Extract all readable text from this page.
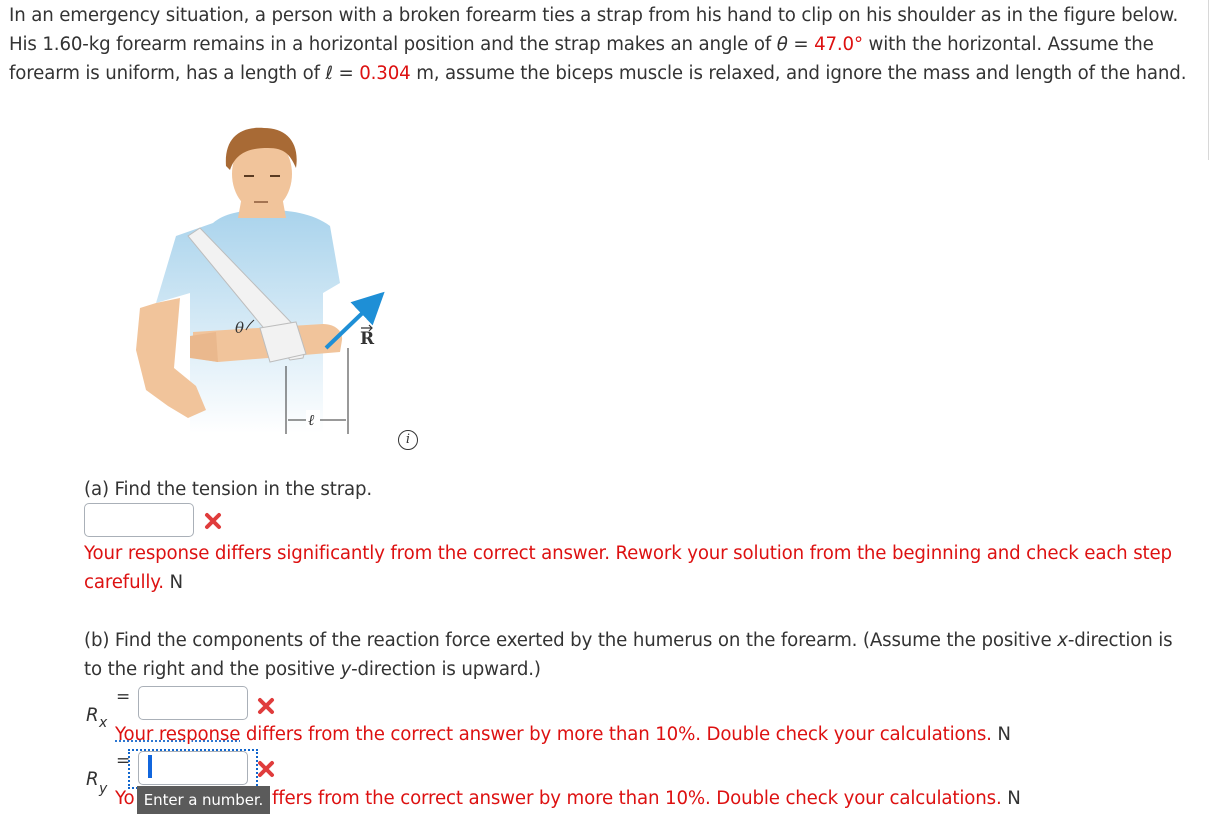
In an emergency situation, a person with a broken forearm ties a strap from his hand to clip on his shoulder as in the figure below. His 1.60-kg forearm remains in a horizontal position and the strap makes an angle of θ = 47.0° with the horizontal. Assume the forearm is uniform, has a length of ℓ = 0.304 m, assume the biceps muscle is relaxed, and ignore the mass and length of the hand.
ℓ
R
θ
i
(a) Find the tension in the strap.
Your response differs significantly from the correct answer. Rework your solution from the beginning and check each step carefully. N
(b) Find the components of the reaction force exerted by the humerus on the forearm. (Assume the positive x-direction is to the right and the positive y-direction is upward.)
=
R x
Your response differs from the correct answer by more than 10%. Double check your calculations. N
=
R y Yo	ffers from the correct answer by more than 10%. Double check your calculations. N
Enter a number.
